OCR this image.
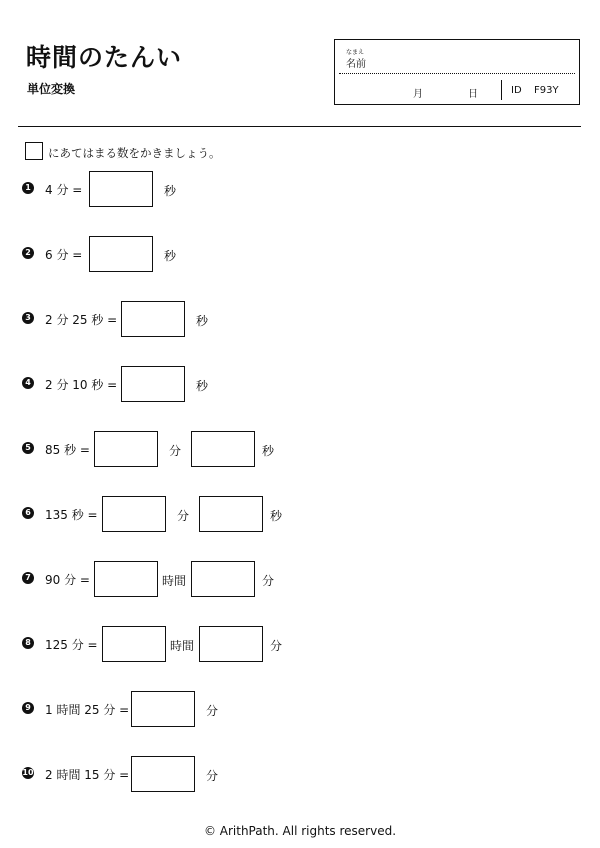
時間のたんい
単位変換
なまえ
名前
月	日	ID F93Y
にあてはまる数をかきましょう。
1 4 分 =	秒
2 6 分 =	秒
3 2 分 25 秒 =	秒
4 2 分 10 秒 =	秒
5 85 秒 =	分	秒
6 135 秒 =	分	秒
7 90 分 =	時間	分
8 125 分 =	時間	分
9 1 時間 25 分 =	分
10 2 時間 15 分 =	分
© ArithPath. All rights reserved.
